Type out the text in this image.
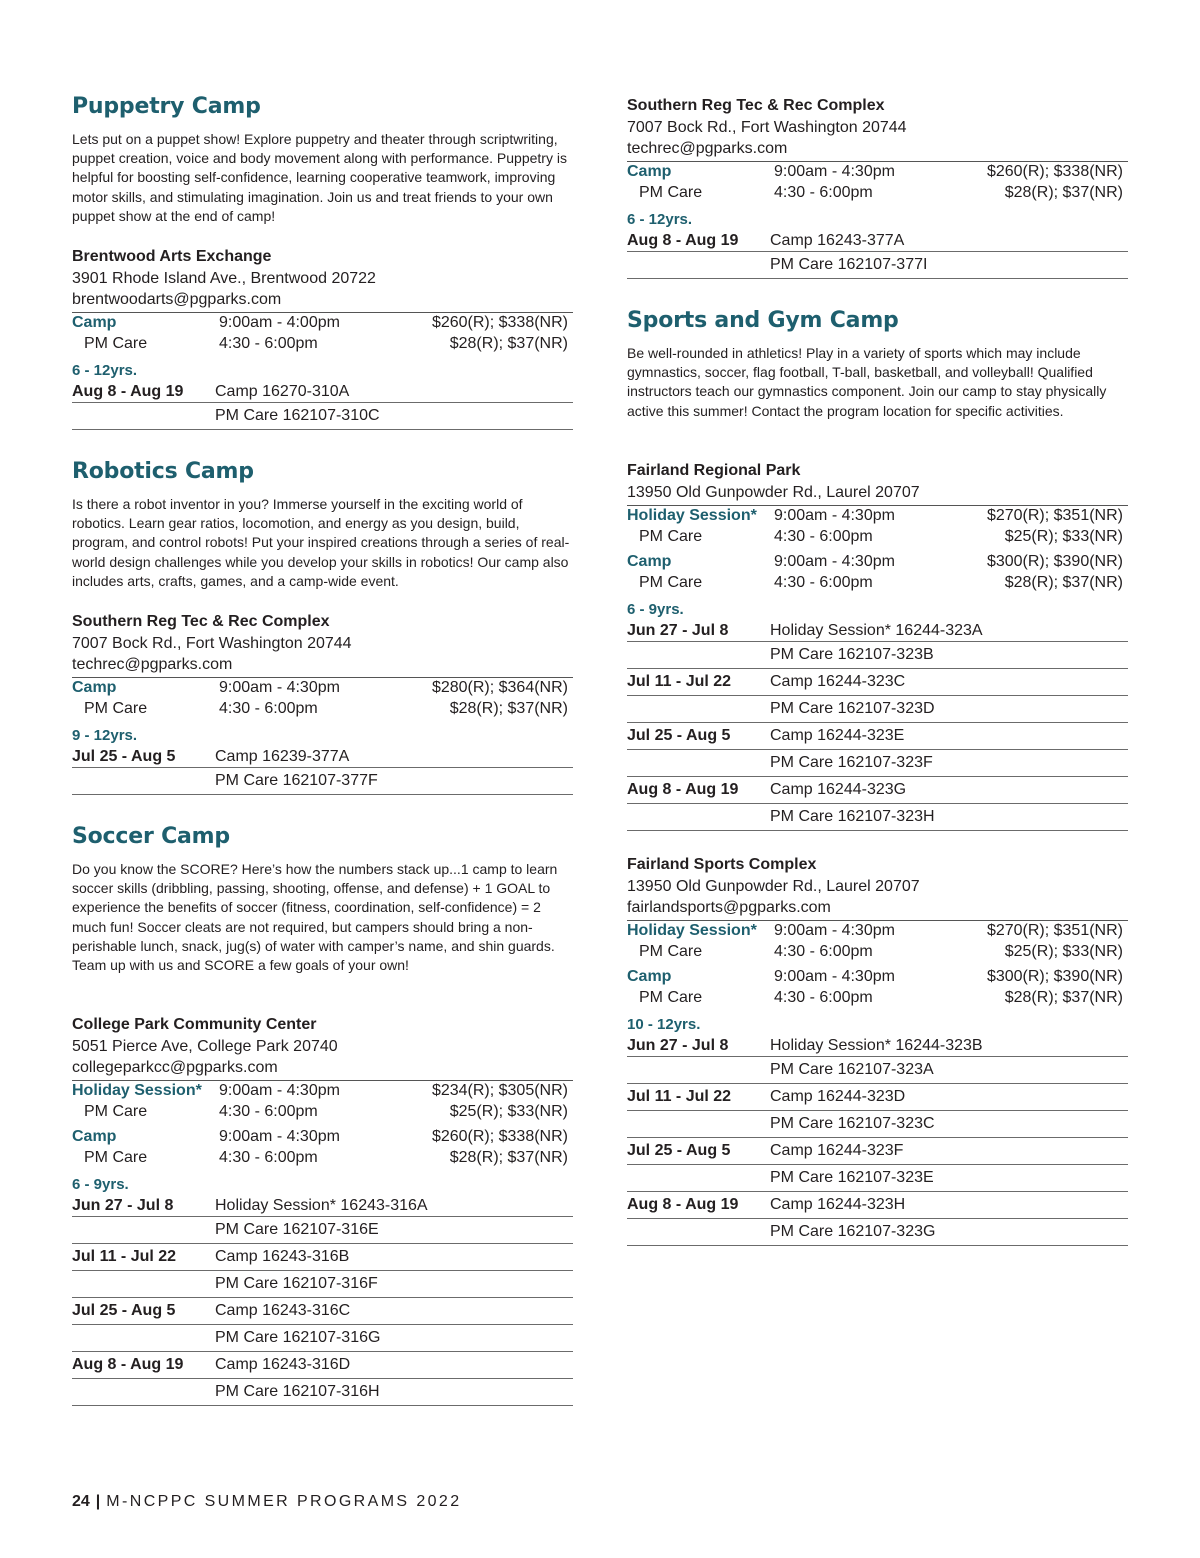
Puppetry Camp

Lets put on a puppet show! Explore puppetry and theater through scriptwriting, puppet creation, voice and body movement along with performance. Puppetry is helpful for boosting self-confidence, learning cooperative teamwork, improving motor skills, and stimulating imagination. Join us and treat friends to your own puppet show at the end of camp!

Brentwood Arts Exchange
3901 Rhode Island Ave., Brentwood 20722
brentwoodarts@pgparks.com
Camp	9:00am - 4:00pm	$260(R); $338(NR)
PM Care	4:30 - 6:00pm	$28(R); $37(NR)
6 - 12yrs.
Aug 8 - Aug 19 Camp 16270-310A
PM Care 162107-310C
Robotics Camp

Is there a robot inventor in you? Immerse yourself in the exciting world of robotics. Learn gear ratios, locomotion, and energy as you design, build, program, and control robots! Put your inspired creations through a series of real-world design challenges while you develop your skills in robotics! Our camp also includes arts, crafts, games, and a camp-wide event.

Southern Reg Tec & Rec Complex
7007 Bock Rd., Fort Washington 20744
techrec@pgparks.com
Camp	9:00am - 4:30pm	$280(R); $364(NR)
PM Care	4:30 - 6:00pm	$28(R); $37(NR)
9 - 12yrs.
Jul 25 - Aug 5 Camp 16239-377A
PM Care 162107-377F
Soccer Camp

Do you know the SCORE? Here’s how the numbers stack up...1 camp to learn soccer skills (dribbling, passing, shooting, offense, and defense) + 1 GOAL to experience the benefits of soccer (fitness, coordination, self-confidence) = 2 much fun! Soccer cleats are not required, but campers should bring a non-perishable lunch, snack, jug(s) of water with camper’s name, and shin guards. Team up with us and SCORE a few goals of your own!

College Park Community Center
5051 Pierce Ave, College Park 20740
collegeparkcc@pgparks.com
Holiday Session* 9:00am - 4:30pm	$234(R); $305(NR)
PM Care	4:30 - 6:00pm	$25(R); $33(NR)
Camp	9:00am - 4:30pm	$260(R); $338(NR)
PM Care	4:30 - 6:00pm	$28(R); $37(NR)
6 - 9yrs.
Jun 27 - Jul 8	Holiday Session* 16243-316A
PM Care 162107-316E
Jul 11 - Jul 22 Camp 16243-316B
PM Care 162107-316F
Jul 25 - Aug 5 Camp 16243-316C
PM Care 162107-316G
Aug 8 - Aug 19 Camp 16243-316D
PM Care 162107-316H
Southern Reg Tec & Rec Complex
7007 Bock Rd., Fort Washington 20744
techrec@pgparks.com
Camp	9:00am - 4:30pm	$260(R); $338(NR)
PM Care	4:30 - 6:00pm	$28(R); $37(NR)
6 - 12yrs.
Aug 8 - Aug 19 Camp 16243-377A
PM Care 162107-377I
Sports and Gym Camp

Be well-rounded in athletics! Play in a variety of sports which may include gymnastics, soccer, flag football, T-ball, basketball, and volleyball! Qualified instructors teach our gymnastics component. Join our camp to stay physically active this summer! Contact the program location for specific activities.

Fairland Regional Park
13950 Old Gunpowder Rd., Laurel 20707
Holiday Session* 9:00am - 4:30pm	$270(R); $351(NR)
PM Care	4:30 - 6:00pm	$25(R); $33(NR)
Camp	9:00am - 4:30pm	$300(R); $390(NR)
PM Care	4:30 - 6:00pm	$28(R); $37(NR)
6 - 9yrs.
Jun 27 - Jul 8	Holiday Session* 16244-323A
PM Care 162107-323B
Jul 11 - Jul 22 Camp 16244-323C
PM Care 162107-323D
Jul 25 - Aug 5 Camp 16244-323E
PM Care 162107-323F
Aug 8 - Aug 19 Camp 16244-323G
PM Care 162107-323H
Fairland Sports Complex
13950 Old Gunpowder Rd., Laurel 20707
fairlandsports@pgparks.com
Holiday Session* 9:00am - 4:30pm	$270(R); $351(NR)
PM Care	4:30 - 6:00pm	$25(R); $33(NR)
Camp	9:00am - 4:30pm	$300(R); $390(NR)
PM Care	4:30 - 6:00pm	$28(R); $37(NR)
10 - 12yrs.
Jun 27 - Jul 8	Holiday Session* 16244-323B
PM Care 162107-323A
Jul 11 - Jul 22 Camp 16244-323D
PM Care 162107-323C
Jul 25 - Aug 5 Camp 16244-323F
PM Care 162107-323E
Aug 8 - Aug 19 Camp 16244-323H
PM Care 162107-323G
24 | M-NCPPC SUMMER PROGRAMS 2022
